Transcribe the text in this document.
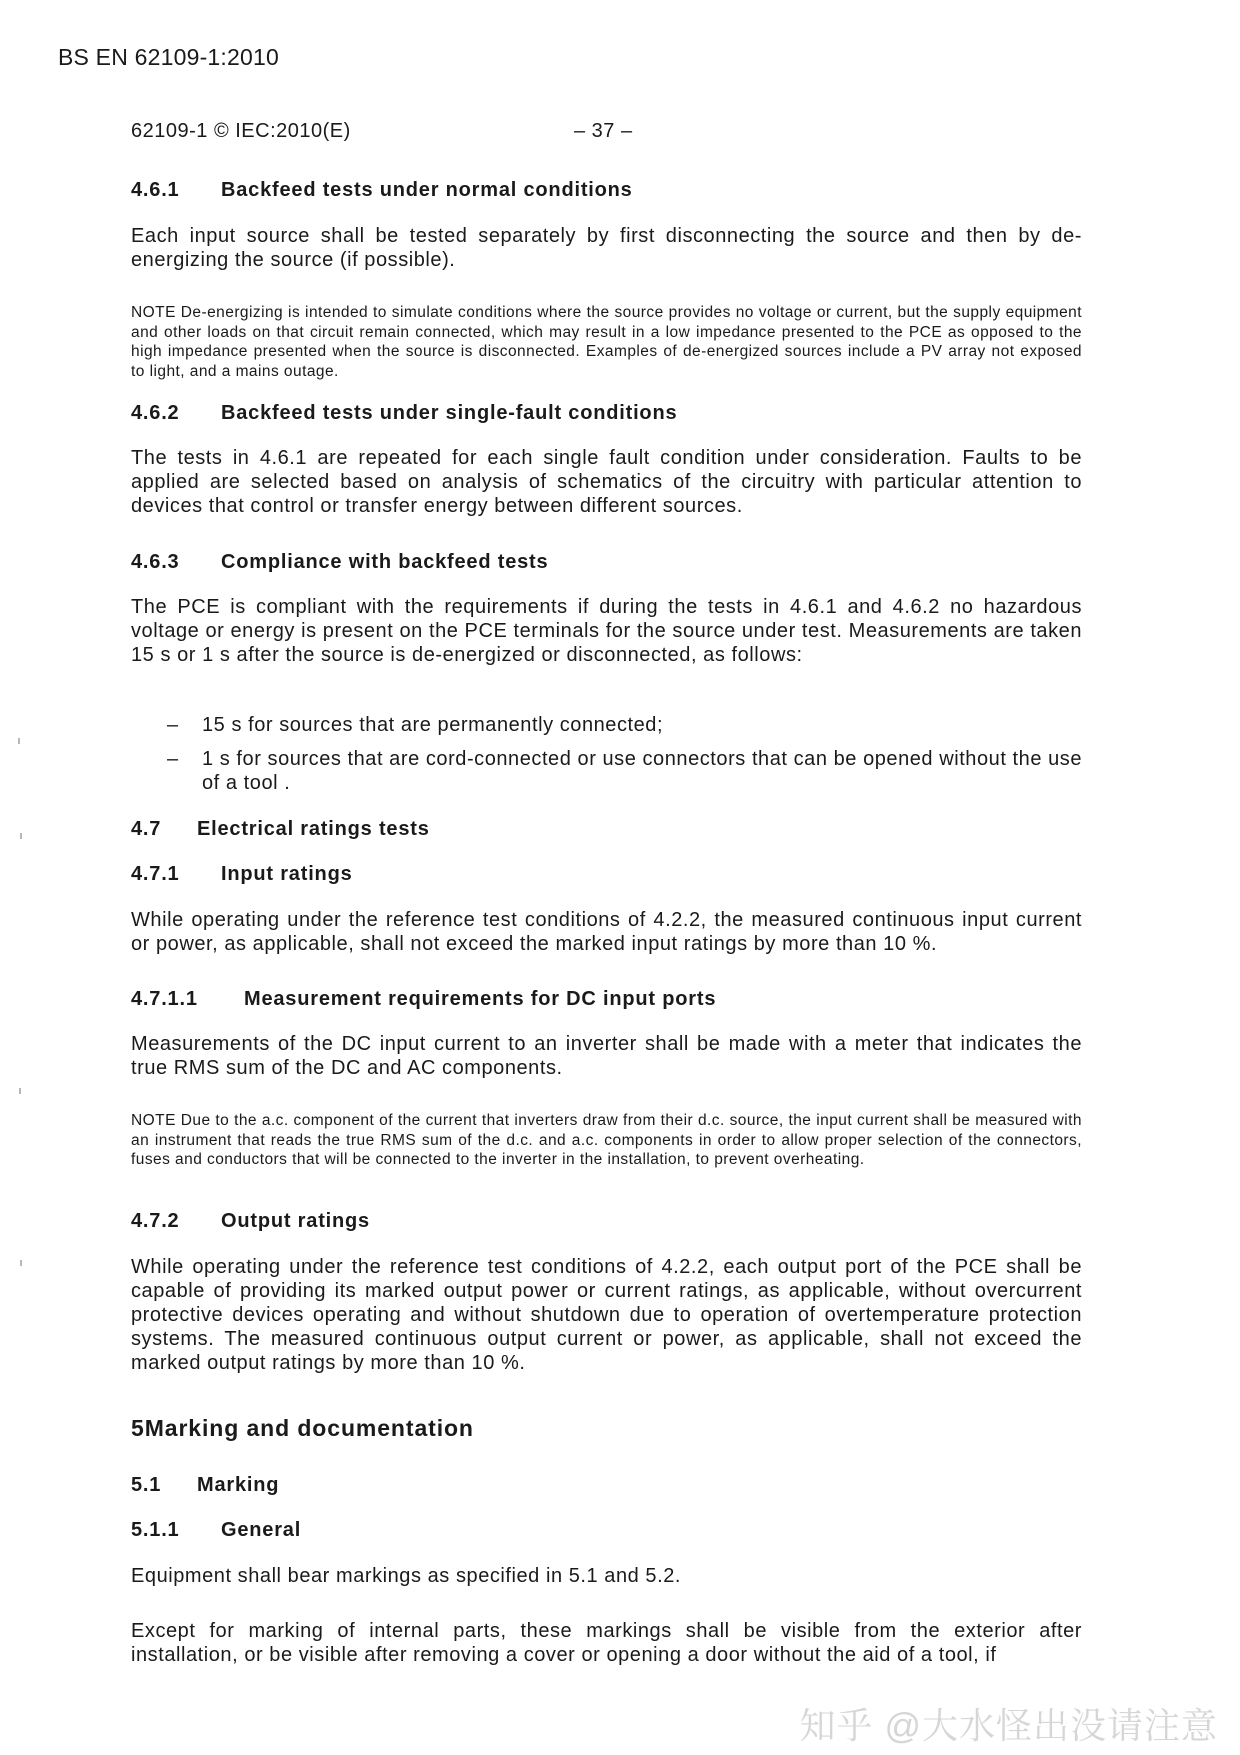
BS EN 62109-1:2010
62109-1 © IEC:2010(E)	– 37 –
4.6.1 Backfeed tests under normal conditions
Each input source shall be tested separately by first disconnecting the source and then by de-energizing the source (if possible).
NOTE De-energizing is intended to simulate conditions where the source provides no voltage or current, but the supply equipment and other loads on that circuit remain connected, which may result in a low impedance presented to the PCE as opposed to the high impedance presented when the source is disconnected. Examples of de-energized sources include a PV array not exposed to light, and a mains outage.
4.6.2 Backfeed tests under single-fault conditions
The tests in 4.6.1 are repeated for each single fault condition under consideration. Faults to be applied are selected based on analysis of schematics of the circuitry with particular attention to devices that control or transfer energy between different sources.
4.6.3 Compliance with backfeed tests
The PCE is compliant with the requirements if during the tests in 4.6.1 and 4.6.2 no hazardous voltage or energy is present on the PCE terminals for the source under test. Measurements are taken 15 s or 1 s after the source is de-energized or disconnected, as follows:
– 15 s for sources that are permanently connected;
– 1 s for sources that are cord-connected or use connectors that can be opened without the use of a tool .
4.7 Electrical ratings tests
4.7.1 Input ratings
While operating under the reference test conditions of 4.2.2, the measured continuous input current or power, as applicable, shall not exceed the marked input ratings by more than 10 %.
4.7.1.1 Measurement requirements for DC input ports
Measurements of the DC input current to an inverter shall be made with a meter that indicates the true RMS sum of the DC and AC components.
NOTE Due to the a.c. component of the current that inverters draw from their d.c. source, the input current shall be measured with an instrument that reads the true RMS sum of the d.c. and a.c. components in order to allow proper selection of the connectors, fuses and conductors that will be connected to the inverter in the installation, to prevent overheating.
4.7.2 Output ratings
While operating under the reference test conditions of 4.2.2, each output port of the PCE shall be capable of providing its marked output power or current ratings, as applicable, without overcurrent protective devices operating and without shutdown due to operation of overtemperature protection systems. The measured continuous output current or power, as applicable, shall not exceed the marked output ratings by more than 10 %.
5Marking and documentation
5.1 Marking
5.1.1 General
Equipment shall bear markings as specified in 5.1 and 5.2.
Except for marking of internal parts, these markings shall be visible from the exterior after installation, or be visible after removing a cover or opening a door without the aid of a tool, if
知乎 @大水怪出没请注意
